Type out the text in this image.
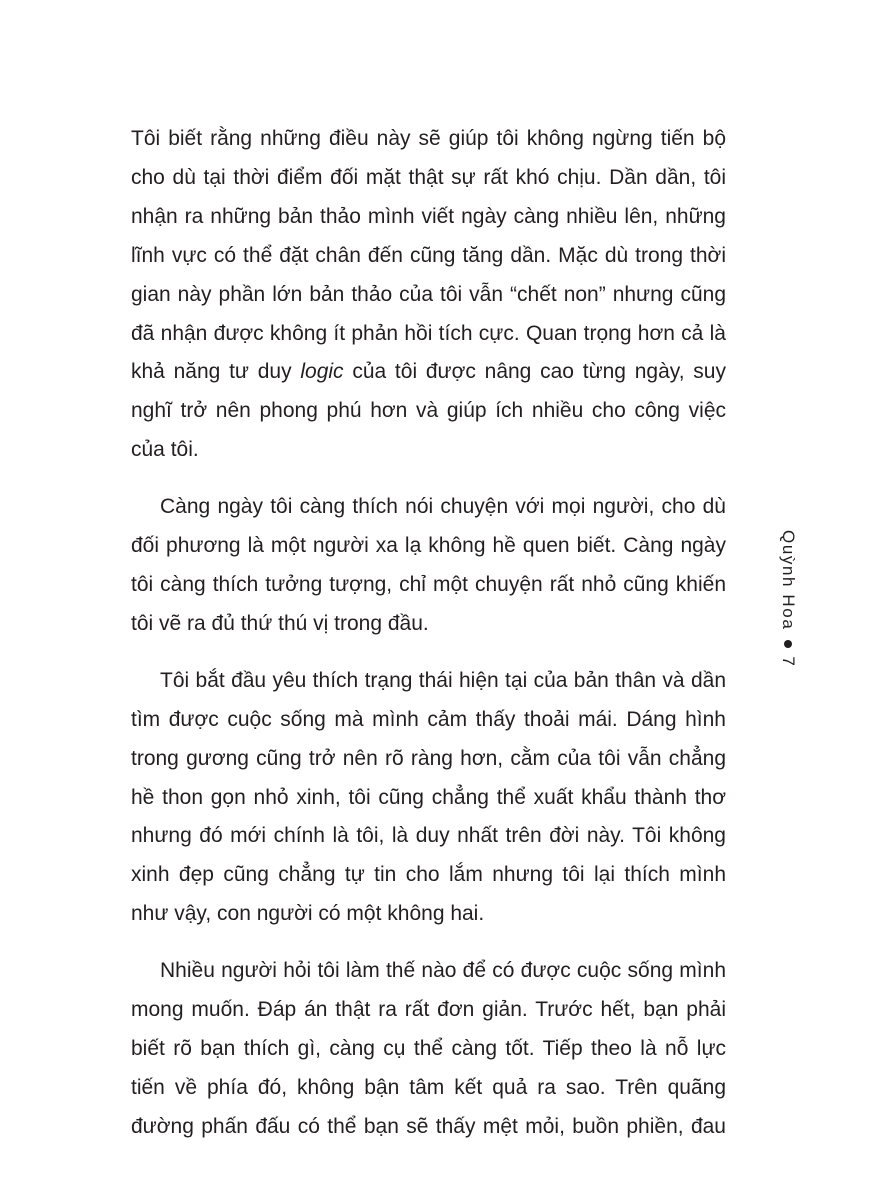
Tôi biết rằng những điều này sẽ giúp tôi không ngừng tiến bộ cho dù tại thời điểm đối mặt thật sự rất khó chịu. Dần dần, tôi nhận ra những bản thảo mình viết ngày càng nhiều lên, những lĩnh vực có thể đặt chân đến cũng tăng dần. Mặc dù trong thời gian này phần lớn bản thảo của tôi vẫn “chết non” nhưng cũng đã nhận được không ít phản hồi tích cực. Quan trọng hơn cả là khả năng tư duy logic của tôi được nâng cao từng ngày, suy nghĩ trở nên phong phú hơn và giúp ích nhiều cho công việc của tôi.

Càng ngày tôi càng thích nói chuyện với mọi người, cho dù đối phương là một người xa lạ không hề quen biết. Càng ngày tôi càng thích tưởng tượng, chỉ một chuyện rất nhỏ cũng khiến tôi vẽ ra đủ thứ thú vị trong đầu.

Tôi bắt đầu yêu thích trạng thái hiện tại của bản thân và dần tìm được cuộc sống mà mình cảm thấy thoải mái. Dáng hình trong gương cũng trở nên rõ ràng hơn, cằm của tôi vẫn chẳng hề thon gọn nhỏ xinh, tôi cũng chẳng thể xuất khẩu thành thơ nhưng đó mới chính là tôi, là duy nhất trên đời này. Tôi không xinh đẹp cũng chẳng tự tin cho lắm nhưng tôi lại thích mình như vậy, con người có một không hai.

Nhiều người hỏi tôi làm thế nào để có được cuộc sống mình mong muốn. Đáp án thật ra rất đơn giản. Trước hết, bạn phải biết rõ bạn thích gì, càng cụ thể càng tốt. Tiếp theo là nỗ lực tiến về phía đó, không bận tâm kết quả ra sao. Trên quãng đường phấn đấu có thể bạn sẽ thấy mệt mỏi, buồn phiền, đau

Quỳnh Hoa
7
